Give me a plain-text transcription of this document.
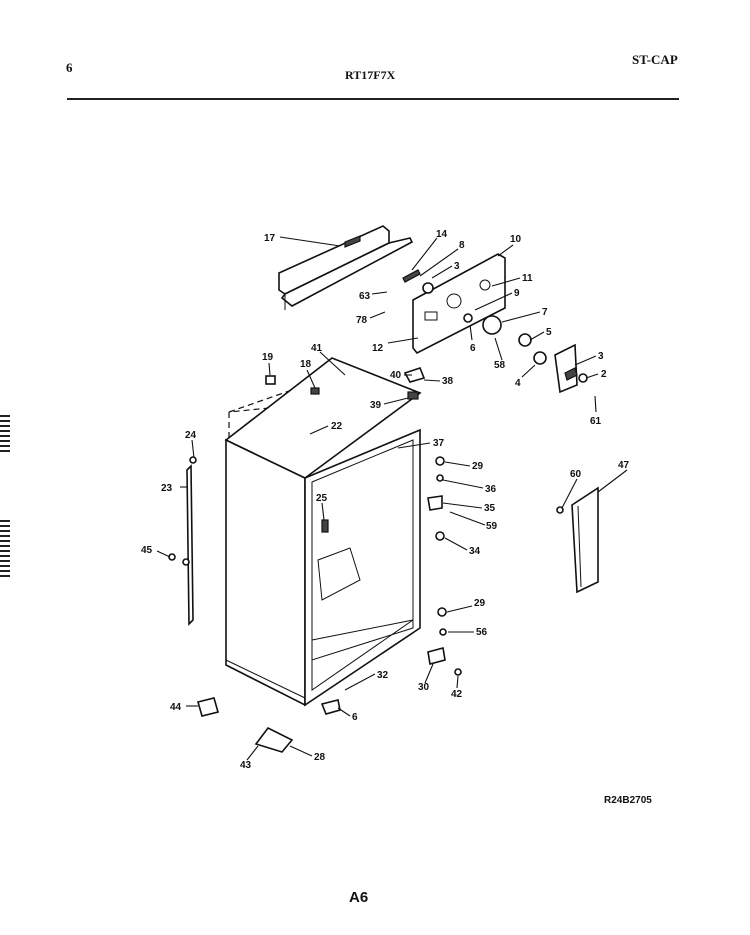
6	RT17F7X
ST-CAP
17	14
8
3
10
11
63	9
78
7
12	6
5
58
3
2
4
61
19
18
41
40
38
39
22
37
24
29
36
23
35
59
60
47
25
45	34
29
56
30
32
42
44
6
43
28
R24B2705
A6
